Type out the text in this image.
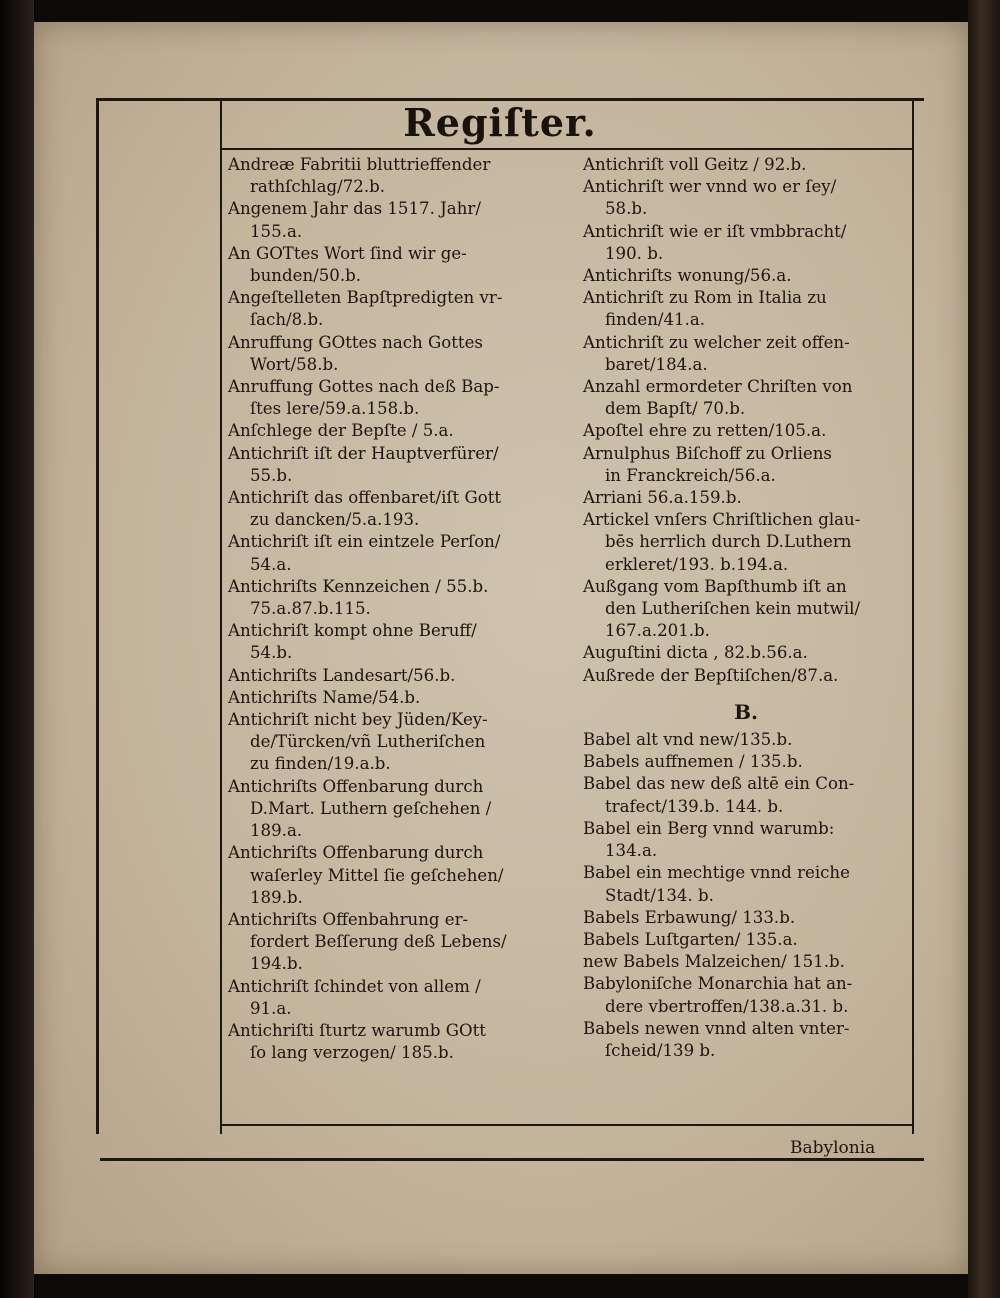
Regiſter.
Andreæ Fabritii bluttrieffender
rathſchlag/72.b.
Angenem Jahr das 1517. Jahr/
155.a.
An GOTtes Wort ſind wir ge-
bunden/50.b.
Angeſtelleten Bapſtpredigten vr-
ſach/8.b.
Anruffung GOttes nach Gottes
Wort/58.b.
Anruffung Gottes nach deß Bap-
ſtes lere/59.a.158.b.
Anſchlege der Bepſte / 5.a.
Antichriſt iſt der Hauptverfürer/
55.b.
Antichriſt das offenbaret/iſt Gott
zu dancken/5.a.193.
Antichriſt iſt ein eintzele Perſon/
54.a.
Antichriſts Kennzeichen / 55.b.
75.a.87.b.115.
Antichriſt kompt ohne Beruff/
54.b.
Antichriſts Landesart/56.b.
Antichriſts Name/54.b.
Antichriſt nicht bey Jüden/Key-
de/Türcken/vñ Lutheriſchen
zu finden/19.a.b.
Antichriſts Offenbarung durch
D.Mart. Luthern geſchehen /
189.a.
Antichriſts Offenbarung durch
waſerley Mittel ſie geſchehen/
189.b.
Antichriſts Offenbahrung er-
fordert Beſſerung deß Lebens/
194.b.
Antichriſt ſchindet von allem /
91.a.
Antichriſti ſturtz warumb GOtt
ſo lang verzogen/ 185.b.
Antichriſt voll Geitz / 92.b.
Antichriſt wer vnnd wo er ſey/
58.b.
Antichriſt wie er iſt vmbbracht/
190. b.
Antichriſts wonung/56.a.
Antichriſt zu Rom in Italia zu
finden/41.a.
Antichriſt zu welcher zeit offen-
baret/184.a.
Anzahl ermordeter Chriſten von
dem Bapſt/ 70.b.
Apoſtel ehre zu retten/105.a.
Arnulphus Biſchoff zu Orliens
in Franckreich/56.a.
Arriani 56.a.159.b.
Artickel vnſers Chriſtlichen glau-
bēs herrlich durch D.Luthern
erkleret/193. b.194.a.
Außgang vom Bapſthumb iſt an
den Lutheriſchen kein mutwil/
167.a.201.b.
Auguſtini dicta , 82.b.56.a.
Außrede der Bepſtiſchen/87.a.
B.
Babel alt vnd new/135.b.
Babels auffnemen / 135.b.
Babel das new deß altē ein Con-
trafect/139.b. 144. b.
Babel ein Berg vnnd warumb:
134.a.
Babel ein mechtige vnnd reiche
Stadt/134. b.
Babels Erbawung/ 133.b.
Babels Luſtgarten/ 135.a.
new Babels Malzeichen/ 151.b.
Babyloniſche Monarchia hat an-
dere vbertroffen/138.a.31. b.
Babels newen vnnd alten vnter-
ſcheid/139 b.
Babylonia
